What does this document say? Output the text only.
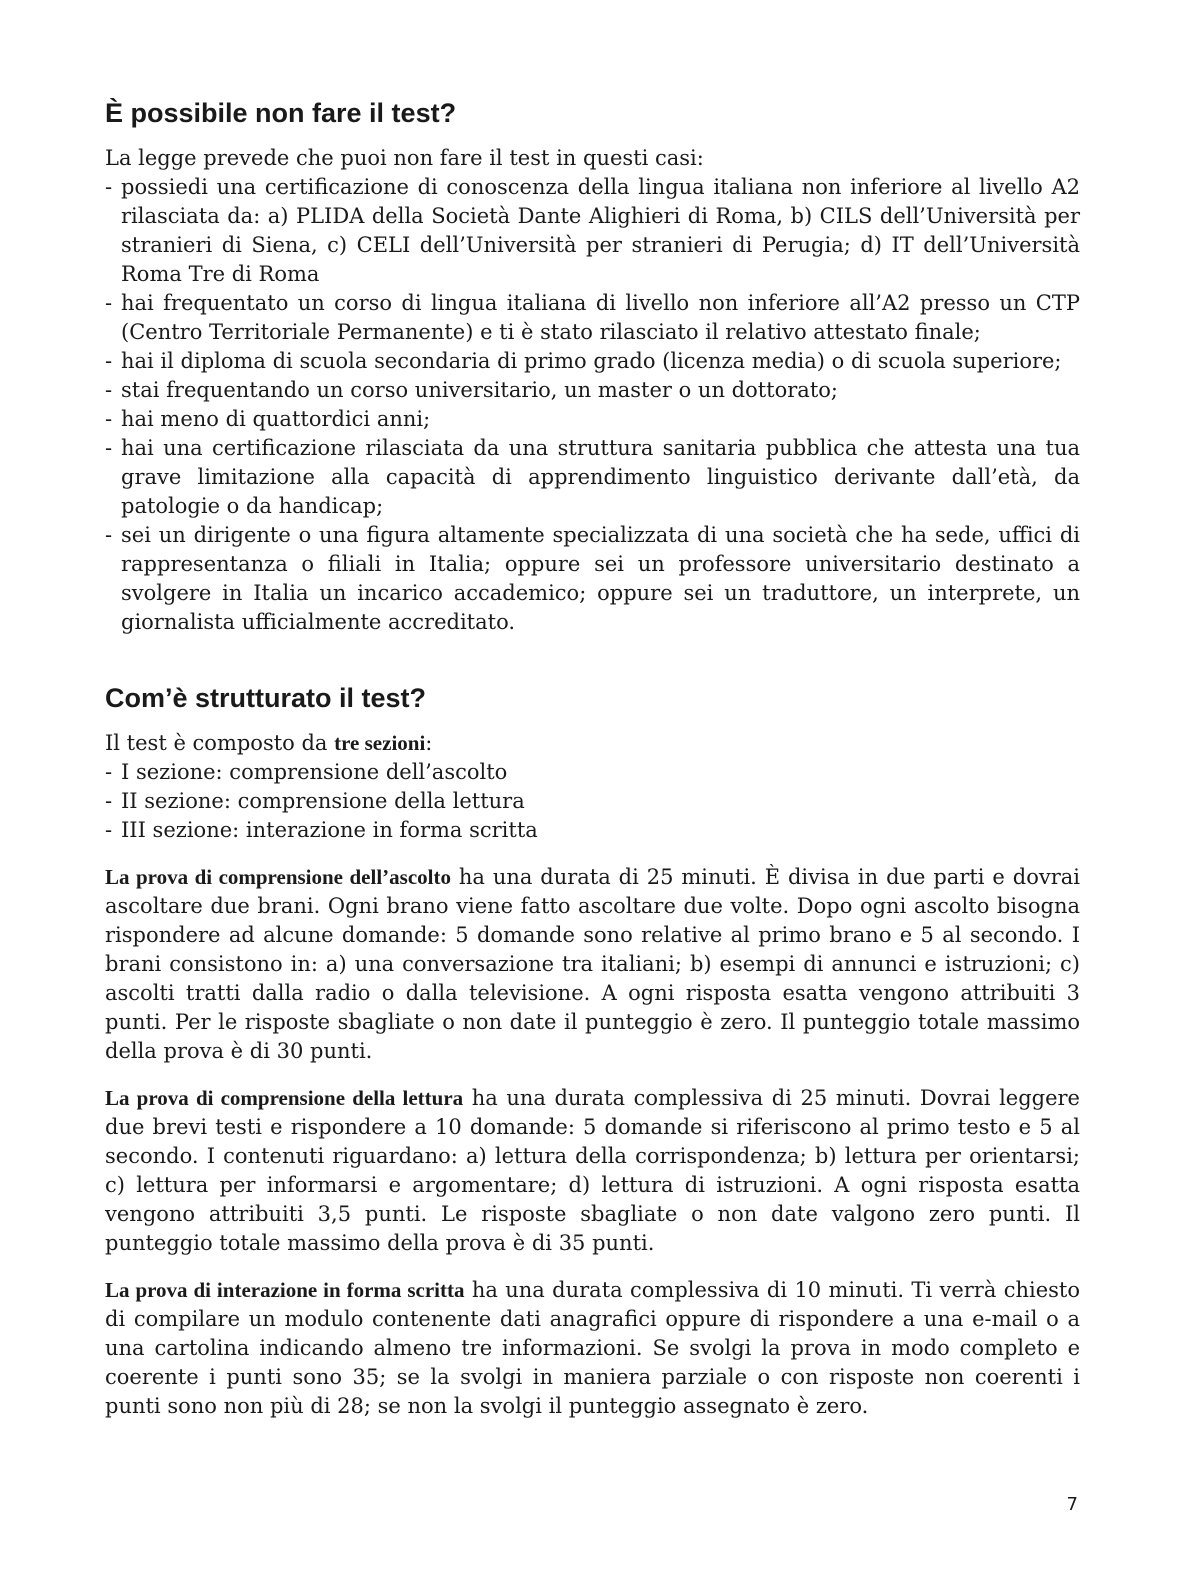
È possibile non fare il test?

La legge prevede che puoi non fare il test in questi casi:

- possiedi una certificazione di conoscenza della lingua italiana non inferiore al livello A2 rilasciata da: a) PLIDA della Società Dante Alighieri di Roma, b) CILS dell’Università per stranieri di Siena, c) CELI dell’Università per stranieri di Perugia; d) IT dell’Università Roma Tre di Roma
- hai frequentato un corso di lingua italiana di livello non inferiore all’A2 presso un CTP (Centro Territoriale Permanente) e ti è stato rilasciato il relativo attestato finale;
- hai il diploma di scuola secondaria di primo grado (licenza media) o di scuola superiore;
- stai frequentando un corso universitario, un master o un dottorato;
- hai meno di quattordici anni;
- hai una certificazione rilasciata da una struttura sanitaria pubblica che attesta una tua grave limitazione alla capacità di apprendimento linguistico derivante dall’età, da patologie o da handicap;
- sei un dirigente o una figura altamente specializzata di una società che ha sede, uffici di rappresentanza o filiali in Italia; oppure sei un professore universitario destinato a svolgere in Italia un incarico accademico; oppure sei un traduttore, un interprete, un giornalista ufficialmente accreditato.
Com’è strutturato il test?

Il test è composto da tre sezioni:

- I sezione: comprensione dell’ascolto
- II sezione: comprensione della lettura
- III sezione: interazione in forma scritta

La prova di comprensione dell’ascolto ha una durata di 25 minuti. È divisa in due parti e dovrai ascoltare due brani. Ogni brano viene fatto ascoltare due volte. Dopo ogni ascolto bisogna rispondere ad alcune domande: 5 domande sono relative al primo brano e 5 al secondo. I brani consistono in: a) una conversazione tra italiani; b) esempi di annunci e istruzioni; c) ascolti tratti dalla radio o dalla televisione. A ogni risposta esatta vengono attribuiti 3 punti. Per le risposte sbagliate o non date il punteggio è zero. Il punteggio totale massimo della prova è di 30 punti.

La prova di comprensione della lettura ha una durata complessiva di 25 minuti. Dovrai leggere due brevi testi e rispondere a 10 domande: 5 domande si riferiscono al primo testo e 5 al secondo. I contenuti riguardano: a) lettura della corrispondenza; b) lettura per orientarsi; c) lettura per informarsi e argomentare; d) lettura di istruzioni. A ogni risposta esatta vengono attribuiti 3,5 punti. Le risposte sbagliate o non date valgono zero punti. Il punteggio totale massimo della prova è di 35 punti.

La prova di interazione in forma scritta ha una durata complessiva di 10 minuti. Ti verrà chiesto di compilare un modulo contenente dati anagrafici oppure di rispondere a una e-mail o a una cartolina indicando almeno tre informazioni. Se svolgi la prova in modo completo e coerente i punti sono 35; se la svolgi in maniera parziale o con risposte non coerenti i punti sono non più di 28; se non la svolgi il punteggio assegnato è zero.

7
